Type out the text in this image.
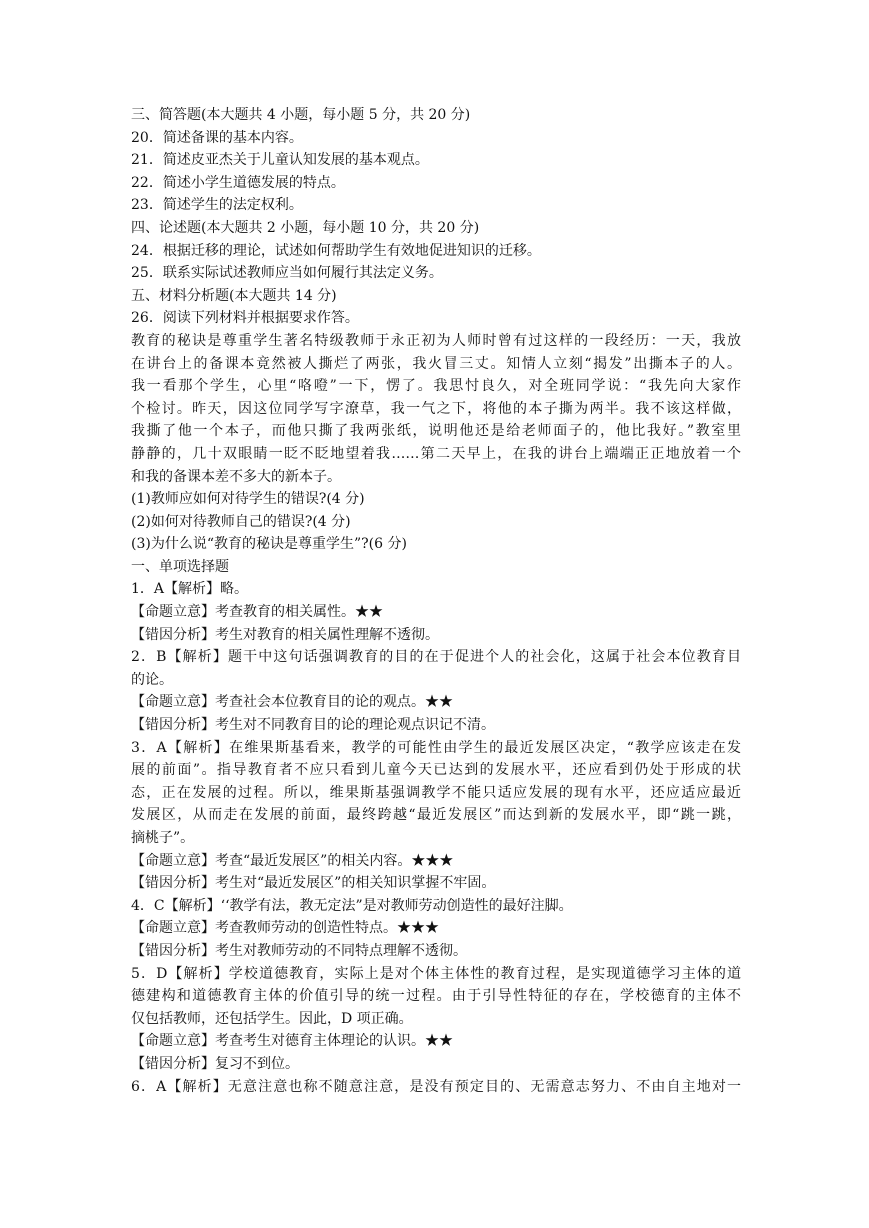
三、简答题(本大题共 4 小题，每小题 5 分，共 20 分)
20．简述备课的基本内容。
21．简述皮亚杰关于儿童认知发展的基本观点。
22．简述小学生道德发展的特点。
23．简述学生的法定权利。
四、论述题(本大题共 2 小题，每小题 10 分，共 20 分)
24．根据迁移的理论，试述如何帮助学生有效地促进知识的迁移。
25．联系实际试述教师应当如何履行其法定义务。
五、材料分析题(本大题共 14 分)
26．阅读下列材料并根据要求作答。
教育的秘诀是尊重学生著名特级教师于永正初为人师时曾有过这样的一段经历：一天，我放
在讲台上的备课本竟然被人撕烂了两张，我火冒三丈。知情人立刻“揭发”出撕本子的人。
我一看那个学生，心里“咯噔”一下，愣了。我思忖良久，对全班同学说：“我先向大家作
个检讨。昨天，因这位同学写字潦草，我一气之下，将他的本子撕为两半。我不该这样做，
我撕了他一个本子，而他只撕了我两张纸，说明他还是给老师面子的，他比我好。”教室里
静静的，几十双眼睛一眨不眨地望着我……第二天早上，在我的讲台上端端正正地放着一个
和我的备课本差不多大的新本子。
(1)教师应如何对待学生的错误?(4 分)
(2)如何对待教师自己的错误?(4 分)
(3)为什么说“教育的秘诀是尊重学生”?(6 分)
一、单项选择题
1．A【解析】略。
【命题立意】考查教育的相关属性。★★
【错因分析】考生对教育的相关属性理解不透彻。
2．B【解析】题干中这句话强调教育的目的在于促进个人的社会化，这属于社会本位教育目
的论。
【命题立意】考查社会本位教育目的论的观点。★★
【错因分析】考生对不同教育目的论的理论观点识记不清。
3．A【解析】在维果斯基看来，教学的可能性由学生的最近发展区决定，“教学应该走在发
展的前面”。指导教育者不应只看到儿童今天已达到的发展水平，还应看到仍处于形成的状
态，正在发展的过程。所以，维果斯基强调教学不能只适应发展的现有水平，还应适应最近
发展区，从而走在发展的前面，最终跨越“最近发展区”而达到新的发展水平，即“跳一跳，
摘桃子”。
【命题立意】考查“最近发展区”的相关内容。★★★
【错因分析】考生对“最近发展区”的相关知识掌握不牢固。
4．C【解析】‘‘教学有法，教无定法”是对教师劳动创造性的最好注脚。
【命题立意】考查教师劳动的创造性特点。★★★
【错因分析】考生对教师劳动的不同特点理解不透彻。
5．D【解析】学校道德教育，实际上是对个体主体性的教育过程，是实现道德学习主体的道
德建构和道德教育主体的价值引导的统一过程。由于引导性特征的存在，学校德育的主体不
仅包括教师，还包括学生。因此，D 项正确。
【命题立意】考查考生对德育主体理论的认识。★★
【错因分析】复习不到位。
6．A【解析】无意注意也称不随意注意，是没有预定目的、无需意志努力、不由自主地对一
